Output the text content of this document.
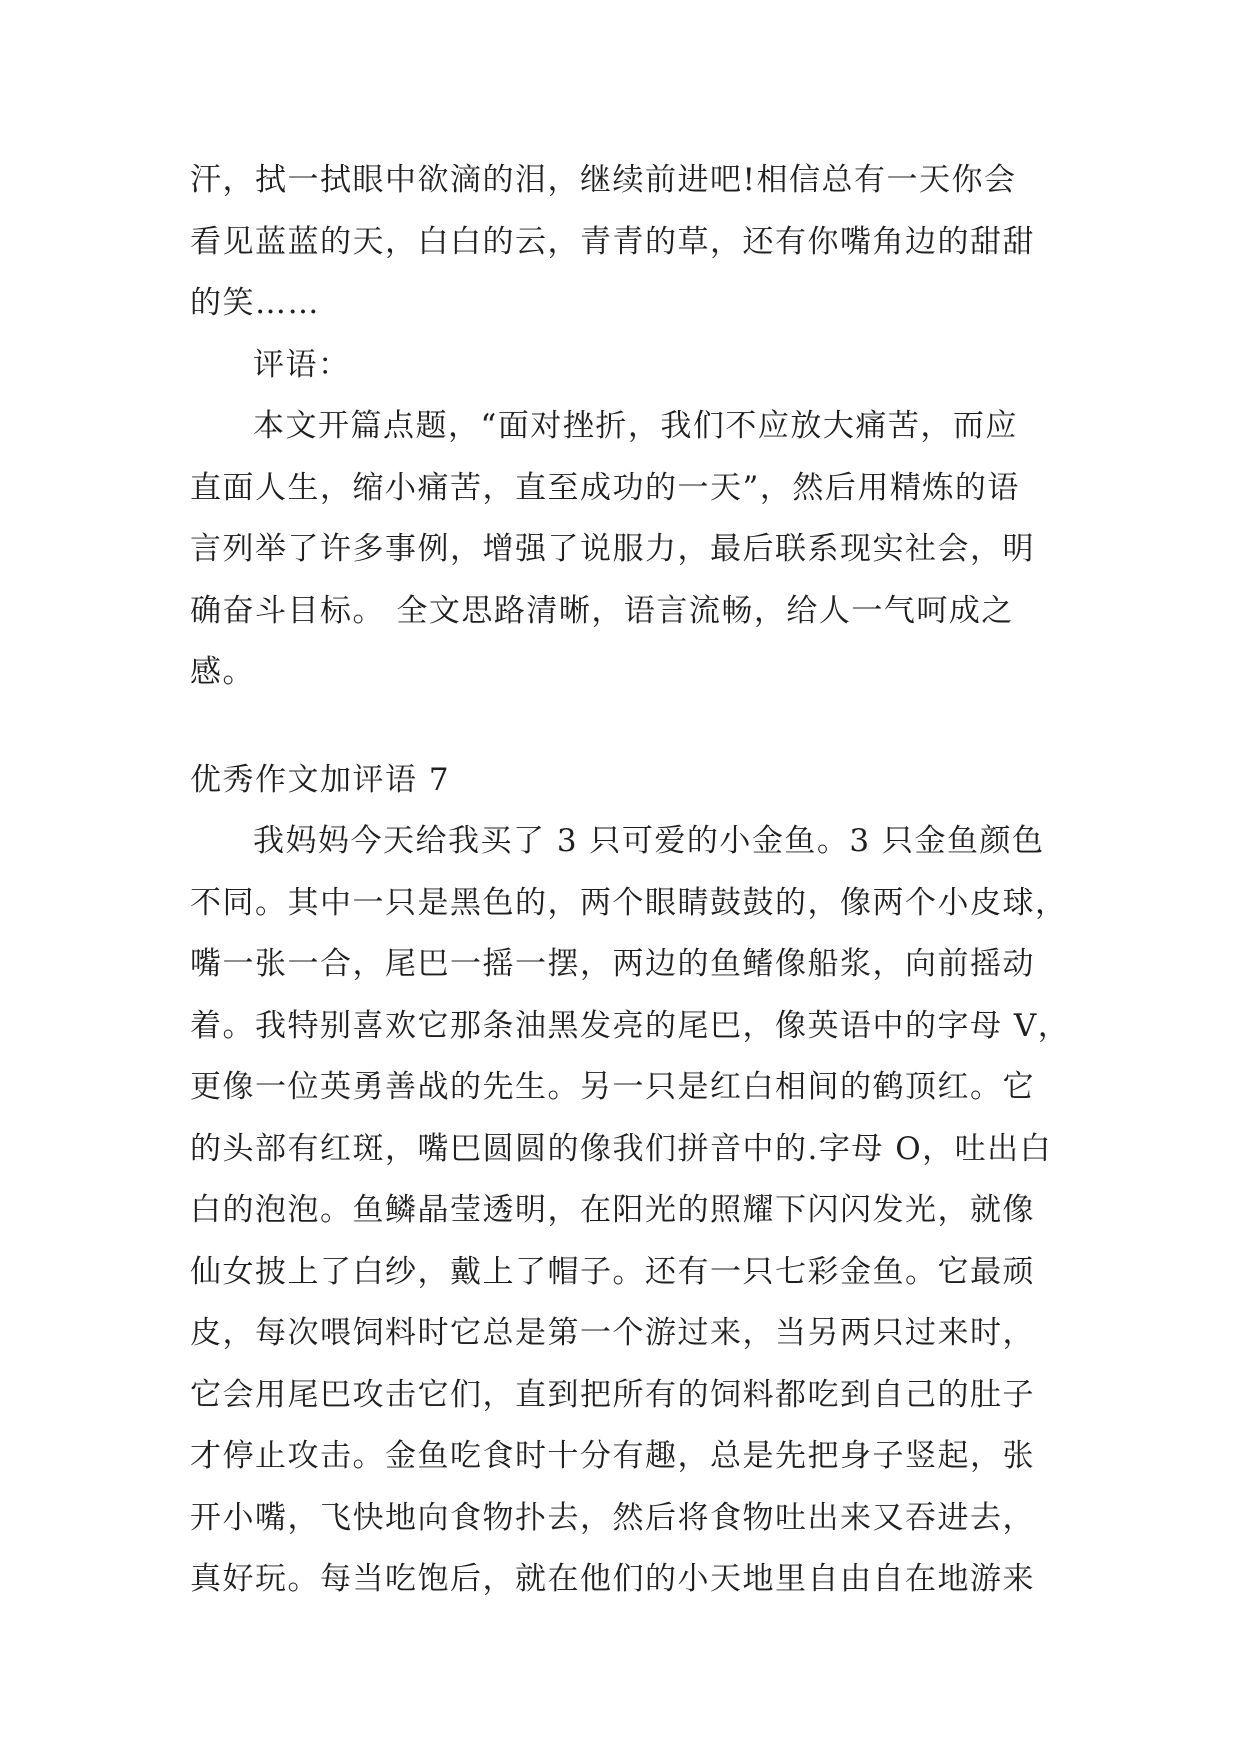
汗，拭一拭眼中欲滴的泪，继续前进吧!相信总有一天你会
看见蓝蓝的天，白白的云，青青的草，还有你嘴角边的甜甜
的笑……
评语：
本文开篇点题，“面对挫折，我们不应放大痛苦，而应
直面人生，缩小痛苦，直至成功的一天”，然后用精炼的语
言列举了许多事例，增强了说服力，最后联系现实社会，明
确奋斗目标。 全文思路清晰，语言流畅，给人一气呵成之
感。
优秀作文加评语 7
我妈妈今天给我买了 3 只可爱的小金鱼。3 只金鱼颜色
不同。其中一只是黑色的，两个眼睛鼓鼓的，像两个小皮球，
嘴一张一合，尾巴一摇一摆，两边的鱼鳍像船浆，向前摇动
着。我特别喜欢它那条油黑发亮的尾巴，像英语中的字母 V，
更像一位英勇善战的先生。另一只是红白相间的鹤顶红。它
的头部有红斑，嘴巴圆圆的像我们拼音中的.字母 O，吐出白
白的泡泡。鱼鳞晶莹透明，在阳光的照耀下闪闪发光，就像
仙女披上了白纱，戴上了帽子。还有一只七彩金鱼。它最顽
皮，每次喂饲料时它总是第一个游过来，当另两只过来时，
它会用尾巴攻击它们，直到把所有的饲料都吃到自己的肚子
才停止攻击。金鱼吃食时十分有趣，总是先把身子竖起，张
开小嘴，飞快地向食物扑去，然后将食物吐出来又吞进去，
真好玩。每当吃饱后，就在他们的小天地里自由自在地游来
